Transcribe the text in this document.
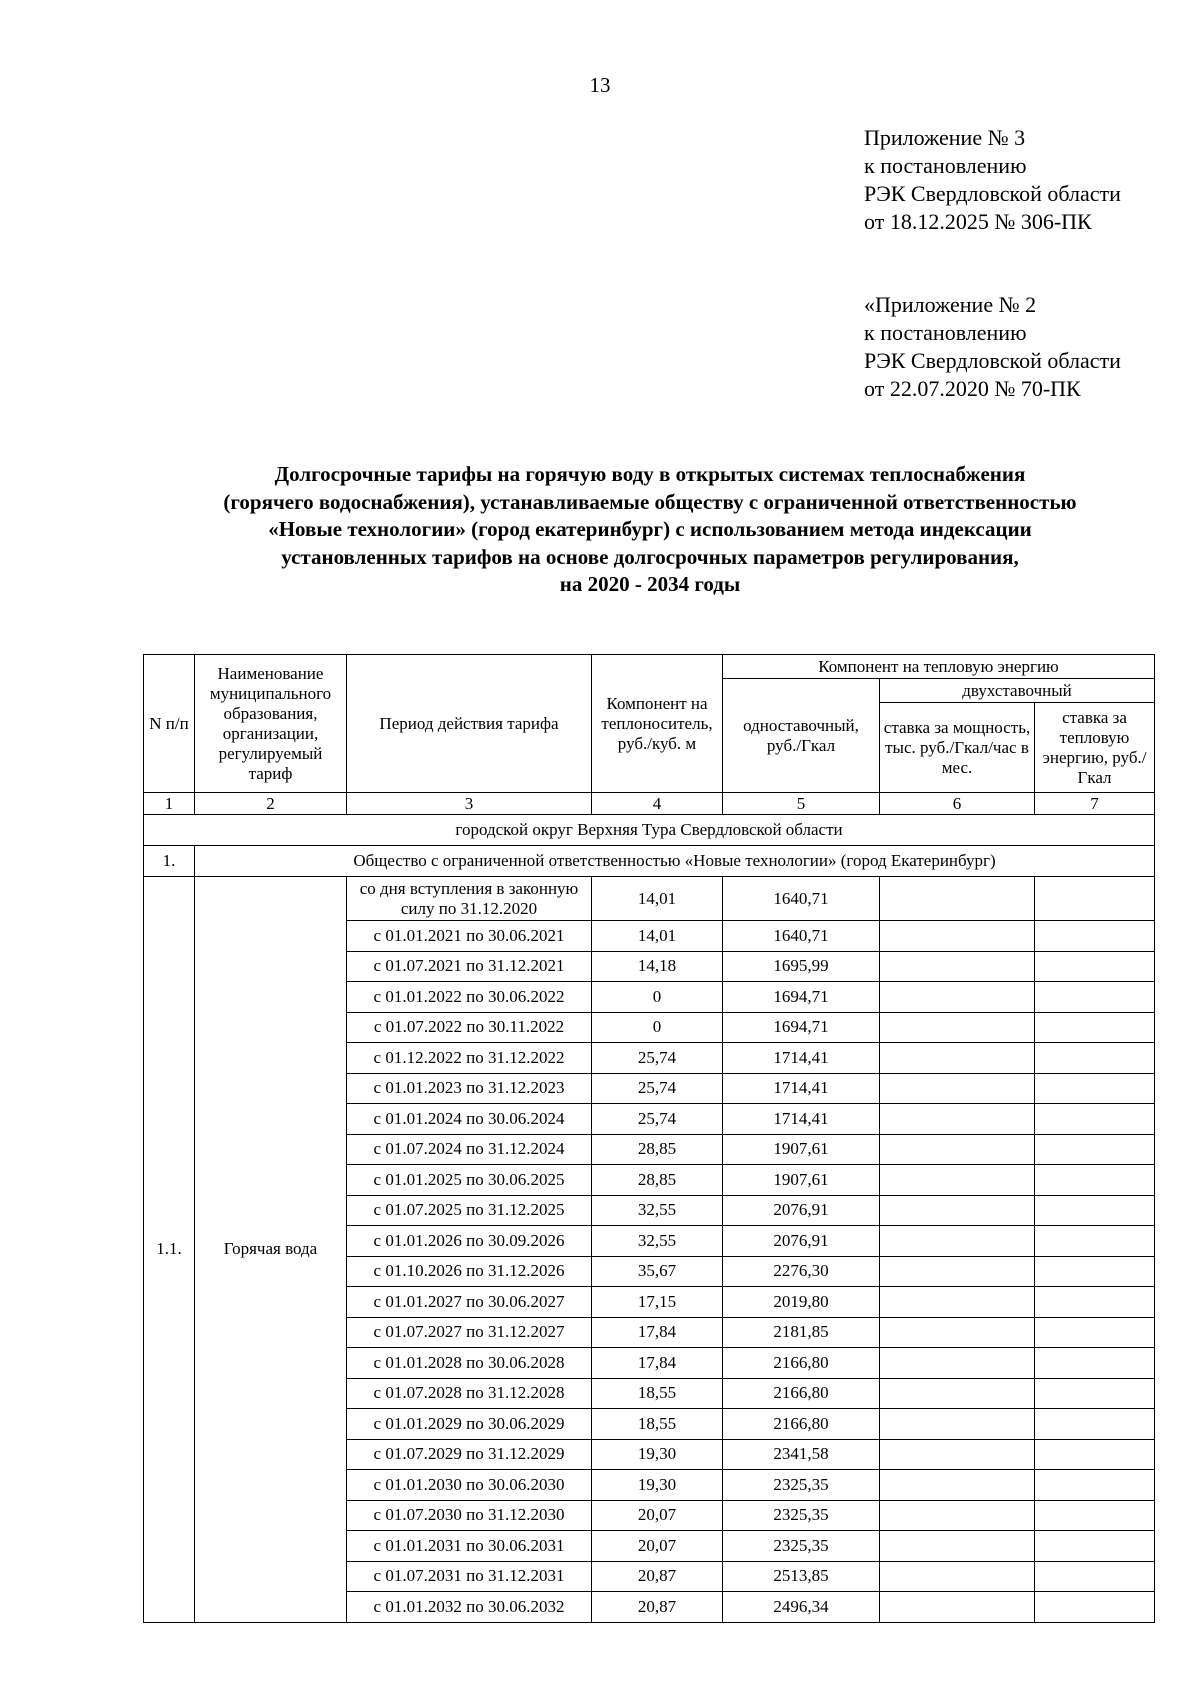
13
Приложение № 3
к постановлению
РЭК Свердловской области
от 18.12.2025 № 306-ПК
«Приложение № 2
к постановлению
РЭК Свердловской области
от 22.07.2020 № 70-ПК
Долгосрочные тарифы на горячую воду в открытых системах теплоснабжения
(горячего водоснабжения), устанавливаемые обществу с ограниченной ответственностью
«Новые технологии» (город екатеринбург) с использованием метода индексации
установленных тарифов на основе долгосрочных параметров регулирования,
на 2020 - 2034 годы
N п/п	Наименование муниципального образования, организации, регулируемый тариф	Период действия тарифа	Компонент на теплоноситель, руб./куб. м	Компонент на тепловую энергию		
				одноставочный, руб./Гкал	двухставочный	
					ставка за мощность, тыс. руб./Гкал/час в мес.	ставка за тепловую энергию, руб./Гкал
1	2	3	4	5	6	7
городской округ Верхняя Тура Свердловской области						
1.	Общество с ограниченной ответственностью «Новые технологии» (город Екатеринбург)					
1.1.	Горячая вода	со дня вступления в законную силу по 31.12.2020	14,01	1640,71		
		с 01.01.2021 по 30.06.2021	14,01	1640,71		
		с 01.07.2021 по 31.12.2021	14,18	1695,99		
		с 01.01.2022 по 30.06.2022	0	1694,71		
		с 01.07.2022 по 30.11.2022	0	1694,71		
		с 01.12.2022 по 31.12.2022	25,74	1714,41		
		с 01.01.2023 по 31.12.2023	25,74	1714,41		
		с 01.01.2024 по 30.06.2024	25,74	1714,41		
		с 01.07.2024 по 31.12.2024	28,85	1907,61		
		с 01.01.2025 по 30.06.2025	28,85	1907,61		
		с 01.07.2025 по 31.12.2025	32,55	2076,91		
		с 01.01.2026 по 30.09.2026	32,55	2076,91		
		с 01.10.2026 по 31.12.2026	35,67	2276,30		
		с 01.01.2027 по 30.06.2027	17,15	2019,80		
		с 01.07.2027 по 31.12.2027	17,84	2181,85		
		с 01.01.2028 по 30.06.2028	17,84	2166,80		
		с 01.07.2028 по 31.12.2028	18,55	2166,80		
		с 01.01.2029 по 30.06.2029	18,55	2166,80		
		с 01.07.2029 по 31.12.2029	19,30	2341,58		
		с 01.01.2030 по 30.06.2030	19,30	2325,35		
		с 01.07.2030 по 31.12.2030	20,07	2325,35		
		с 01.01.2031 по 30.06.2031	20,07	2325,35		
		с 01.07.2031 по 31.12.2031	20,87	2513,85		
		с 01.01.2032 по 30.06.2032	20,87	2496,34		
